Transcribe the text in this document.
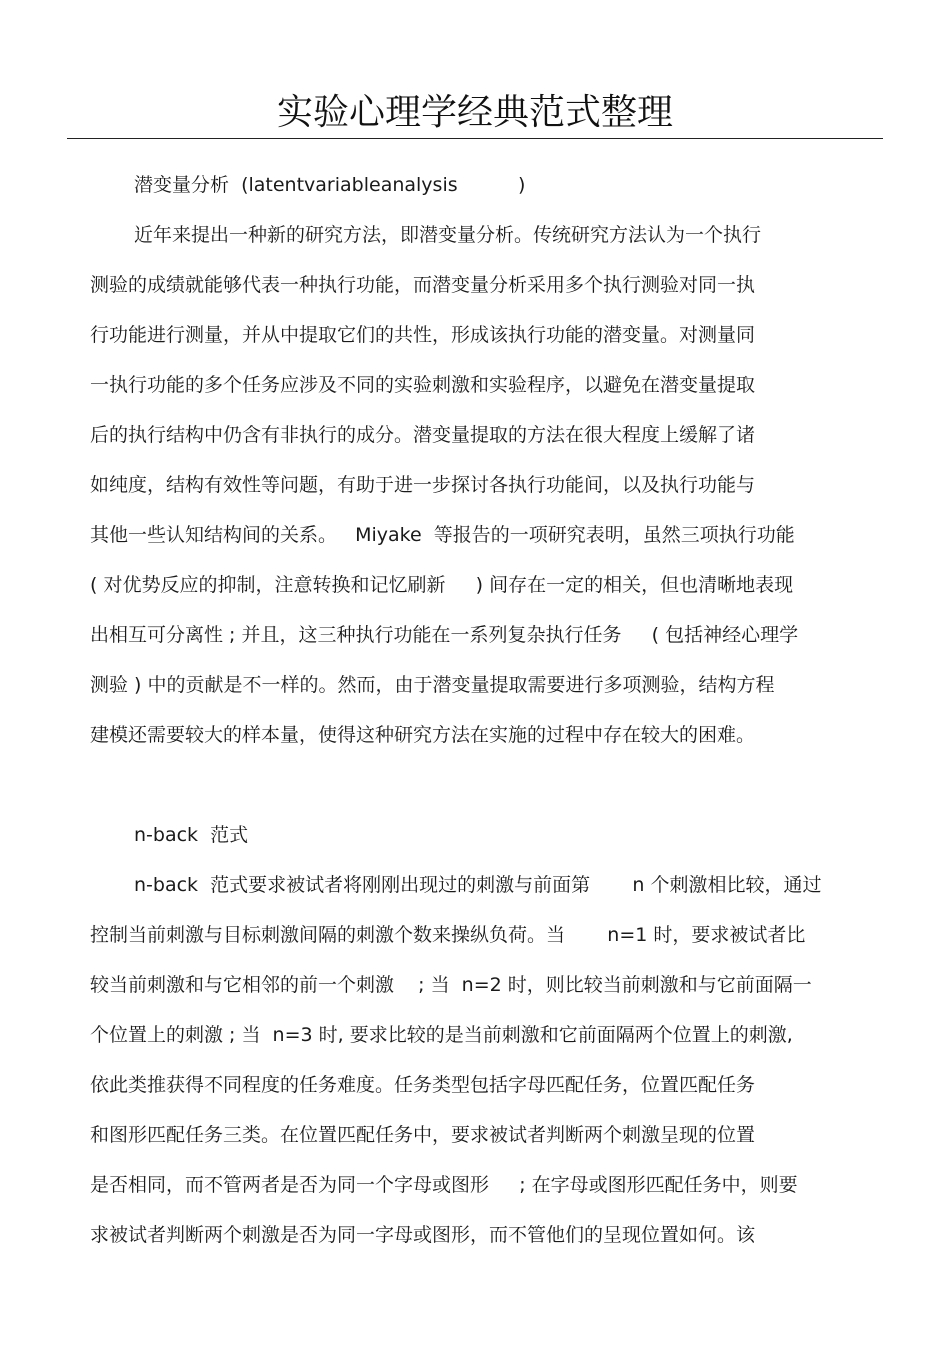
实验心理学经典范式整理
潜变量分析  (latentvariableanalysis          )
近年来提出一种新的研究方法，即潜变量分析。传统研究方法认为一个执行
测验的成绩就能够代表一种执行功能，而潜变量分析采用多个执行测验对同一执
行功能进行测量，并从中提取它们的共性，形成该执行功能的潜变量。对测量同
一执行功能的多个任务应涉及不同的实验刺激和实验程序，以避免在潜变量提取
后的执行结构中仍含有非执行的成分。潜变量提取的方法在很大程度上缓解了诸
如纯度，结构有效性等问题，有助于进一步探讨各执行功能间，以及执行功能与
其他一些认知结构间的关系。   Miyake  等报告的一项研究表明，虽然三项执行功能
( 对优势反应的抑制，注意转换和记忆刷新     ) 间存在一定的相关，但也清晰地表现
出相互可分离性 ; 并且，这三种执行功能在一系列复杂执行任务     ( 包括神经心理学
测验 ) 中的贡献是不一样的。然而，由于潜变量提取需要进行多项测验，结构方程
建模还需要较大的样本量，使得这种研究方法在实施的过程中存在较大的困难。
n-back  范式
n-back  范式要求被试者将刚刚出现过的刺激与前面第       n 个刺激相比较，通过
控制当前刺激与目标刺激间隔的刺激个数来操纵负荷。当       n=1 时，要求被试者比
较当前刺激和与它相邻的前一个刺激    ; 当  n=2 时，则比较当前刺激和与它前面隔一
个位置上的刺激 ; 当  n=3 时, 要求比较的是当前刺激和它前面隔两个位置上的刺激,
依此类推获得不同程度的任务难度。任务类型包括字母匹配任务，位置匹配任务
和图形匹配任务三类。在位置匹配任务中，要求被试者判断两个刺激呈现的位置
是否相同，而不管两者是否为同一个字母或图形     ; 在字母或图形匹配任务中，则要
求被试者判断两个刺激是否为同一字母或图形，而不管他们的呈现位置如何。该
